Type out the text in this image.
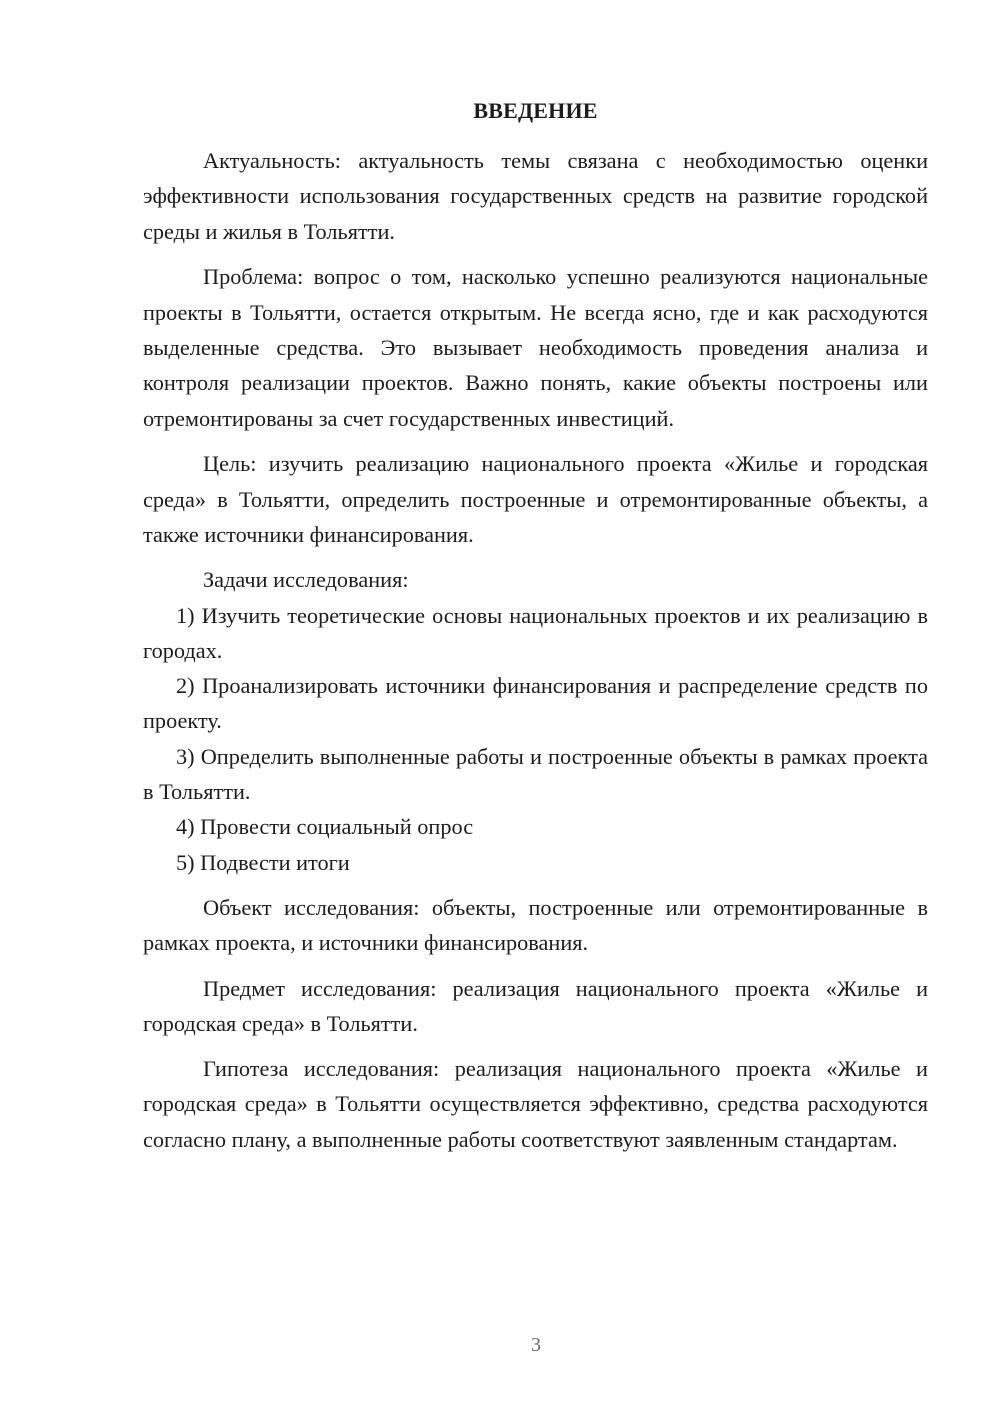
ВВЕДЕНИЕ

Актуальность: актуальность темы связана с необходимостью оценки эффективности использования государственных средств на развитие городской среды и жилья в Тольятти.

Проблема: вопрос о том, насколько успешно реализуются национальные проекты в Тольятти, остается открытым. Не всегда ясно, где и как расходуются выделенные средства. Это вызывает необходимость проведения анализа и контроля реализации проектов. Важно понять, какие объекты построены или отремонтированы за счет государственных инвестиций.

Цель: изучить реализацию национального проекта «Жилье и городская среда» в Тольятти, определить построенные и отремонтированные объекты, а также источники финансирования.

Задачи исследования:

1) Изучить теоретические основы национальных проектов и их реализацию в городах.

2) Проанализировать источники финансирования и распределение средств по проекту.

3) Определить выполненные работы и построенные объекты в рамках проекта в Тольятти.

4) Провести социальный опрос

5) Подвести итоги

Объект исследования: объекты, построенные или отремонтированные в рамках проекта, и источники финансирования.

Предмет исследования: реализация национального проекта «Жилье и городская среда» в Тольятти.

Гипотеза исследования: реализация национального проекта «Жилье и городская среда» в Тольятти осуществляется эффективно, средства расходуются согласно плану, а выполненные работы соответствуют заявленным стандартам.

3
